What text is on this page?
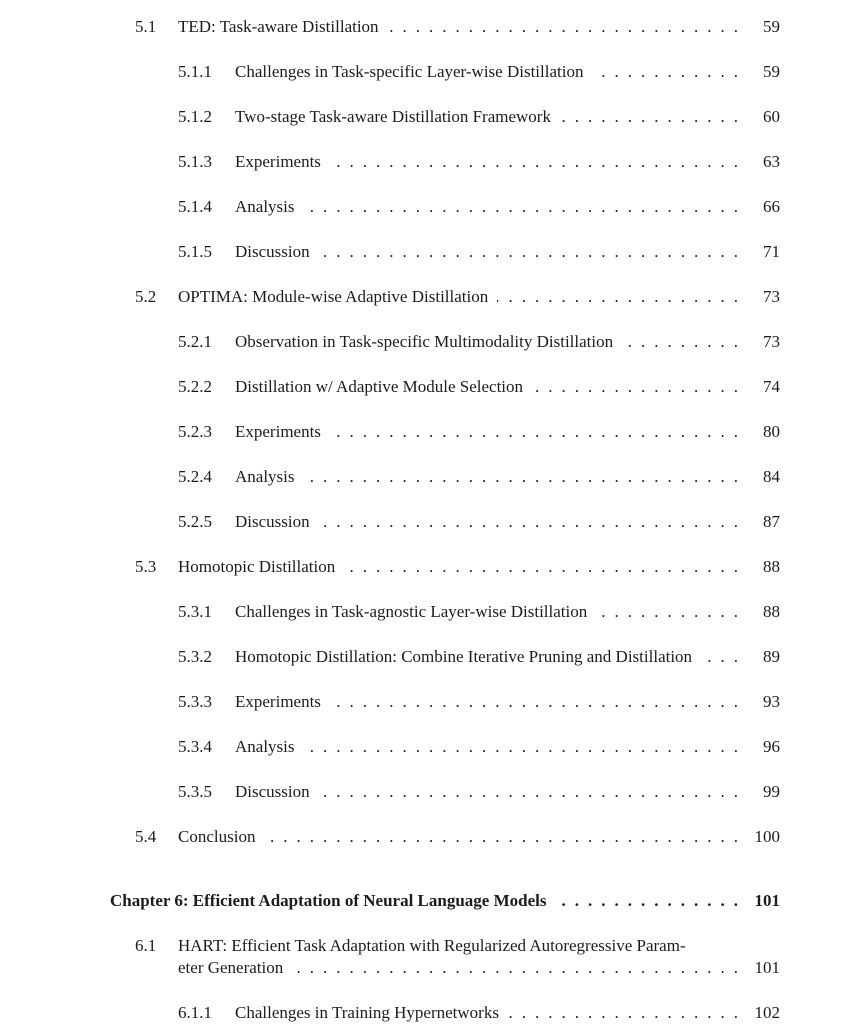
5.1	TED: Task-aware Distillation .....	59
5.1.1	Challenges in Task-specific Layer-wise Distillation .....	59
5.1.2	Two-stage Task-aware Distillation Framework .....	60
5.1.3	Experiments .....	63
5.1.4	Analysis .....	66
5.1.5	Discussion .....	71
5.2	OPTIMA: Module-wise Adaptive Distillation .....	73
5.2.1	Observation in Task-specific Multimodality Distillation .....	73
5.2.2	Distillation w/ Adaptive Module Selection .....	74
5.2.3	Experiments .....	80
5.2.4	Analysis .....	84
5.2.5	Discussion .....	87
5.3	Homotopic Distillation .....	88
5.3.1	Challenges in Task-agnostic Layer-wise Distillation .....	88
5.3.2	Homotopic Distillation: Combine Iterative Pruning and Distillation .....	89
5.3.3	Experiments .....	93
5.3.4	Analysis .....	96
5.3.5	Discussion .....	99
5.4	Conclusion .....	100
Chapter 6: Efficient Adaptation of Neural Language Models .....	101
6.1	HART: Efficient Task Adaptation with Regularized Autoregressive Param-
eter Generation .....	101
6.1.1	Challenges in Training Hypernetworks .....	102
